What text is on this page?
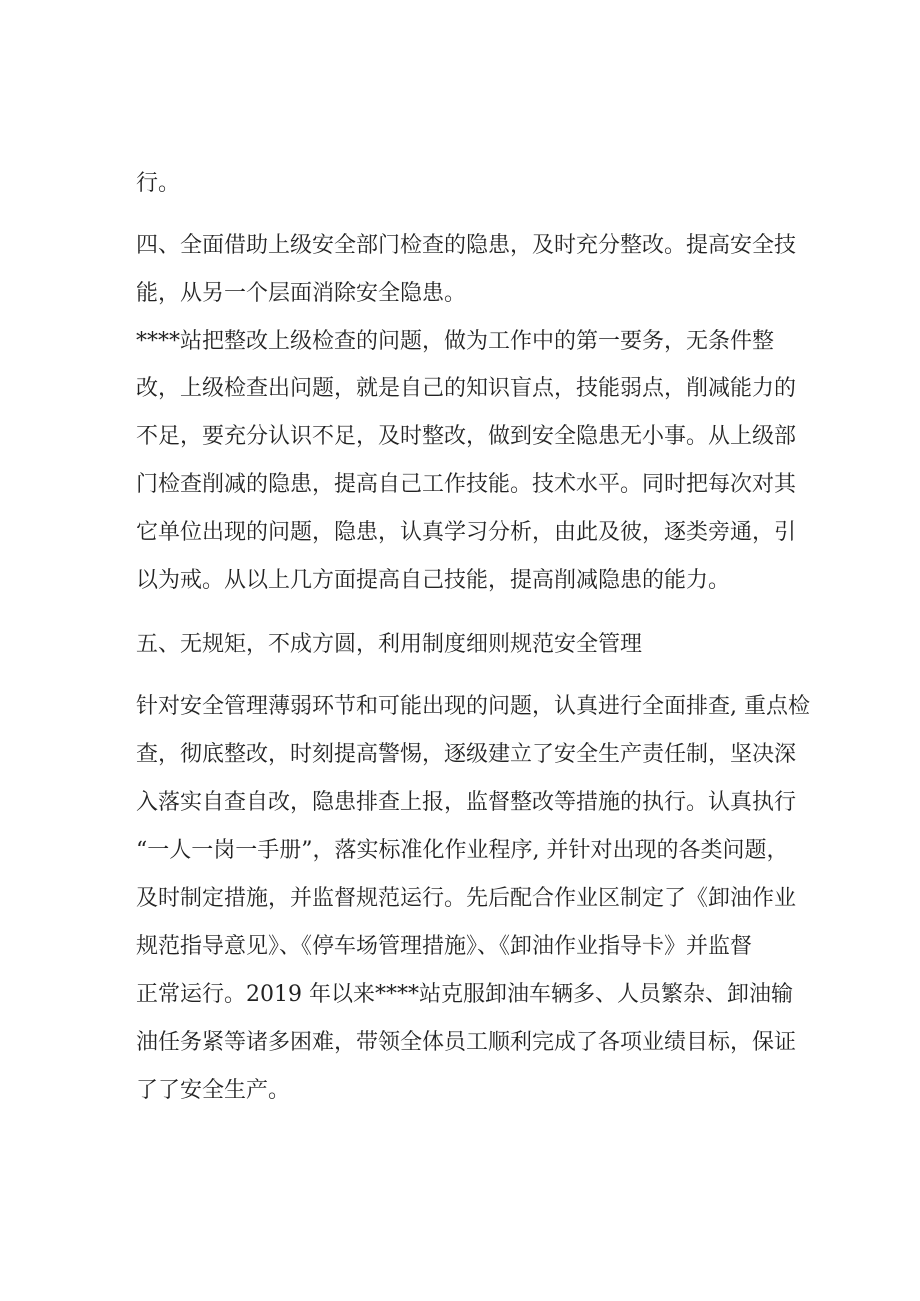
行。
四、全面借助上级安全部门检查的隐患，及时充分整改。提高安全技
能，从另一个层面消除安全隐患。
****站把整改上级检查的问题，做为工作中的第一要务，无条件整
改，上级检查出问题，就是自己的知识盲点，技能弱点，削减能力的
不足，要充分认识不足，及时整改，做到安全隐患无小事。从上级部
门检查削减的隐患，提高自己工作技能。技术水平。同时把每次对其
它单位出现的问题，隐患，认真学习分析，由此及彼，逐类旁通，引
以为戒。从以上几方面提高自己技能，提高削减隐患的能力。
五、无规矩，不成方圆，利用制度细则规范安全管理
针对安全管理薄弱环节和可能出现的问题，认真进行全面排查, 重点检
查，彻底整改，时刻提高警惕，逐级建立了安全生产责任制，坚决深
入落实自查自改，隐患排查上报，监督整改等措施的执行。认真执行
“一人一岗一手册”，落实标准化作业程序, 并针对出现的各类问题，
及时制定措施，并监督规范运行。先后配合作业区制定了《卸油作业
规范指导意见》、《停车场管理措施》、《卸油作业指导卡》并监督
正常运行。2019 年以来****站克服卸油车辆多、人员繁杂、卸油输
油任务紧等诸多困难，带领全体员工顺利完成了各项业绩目标，保证
了了安全生产。
